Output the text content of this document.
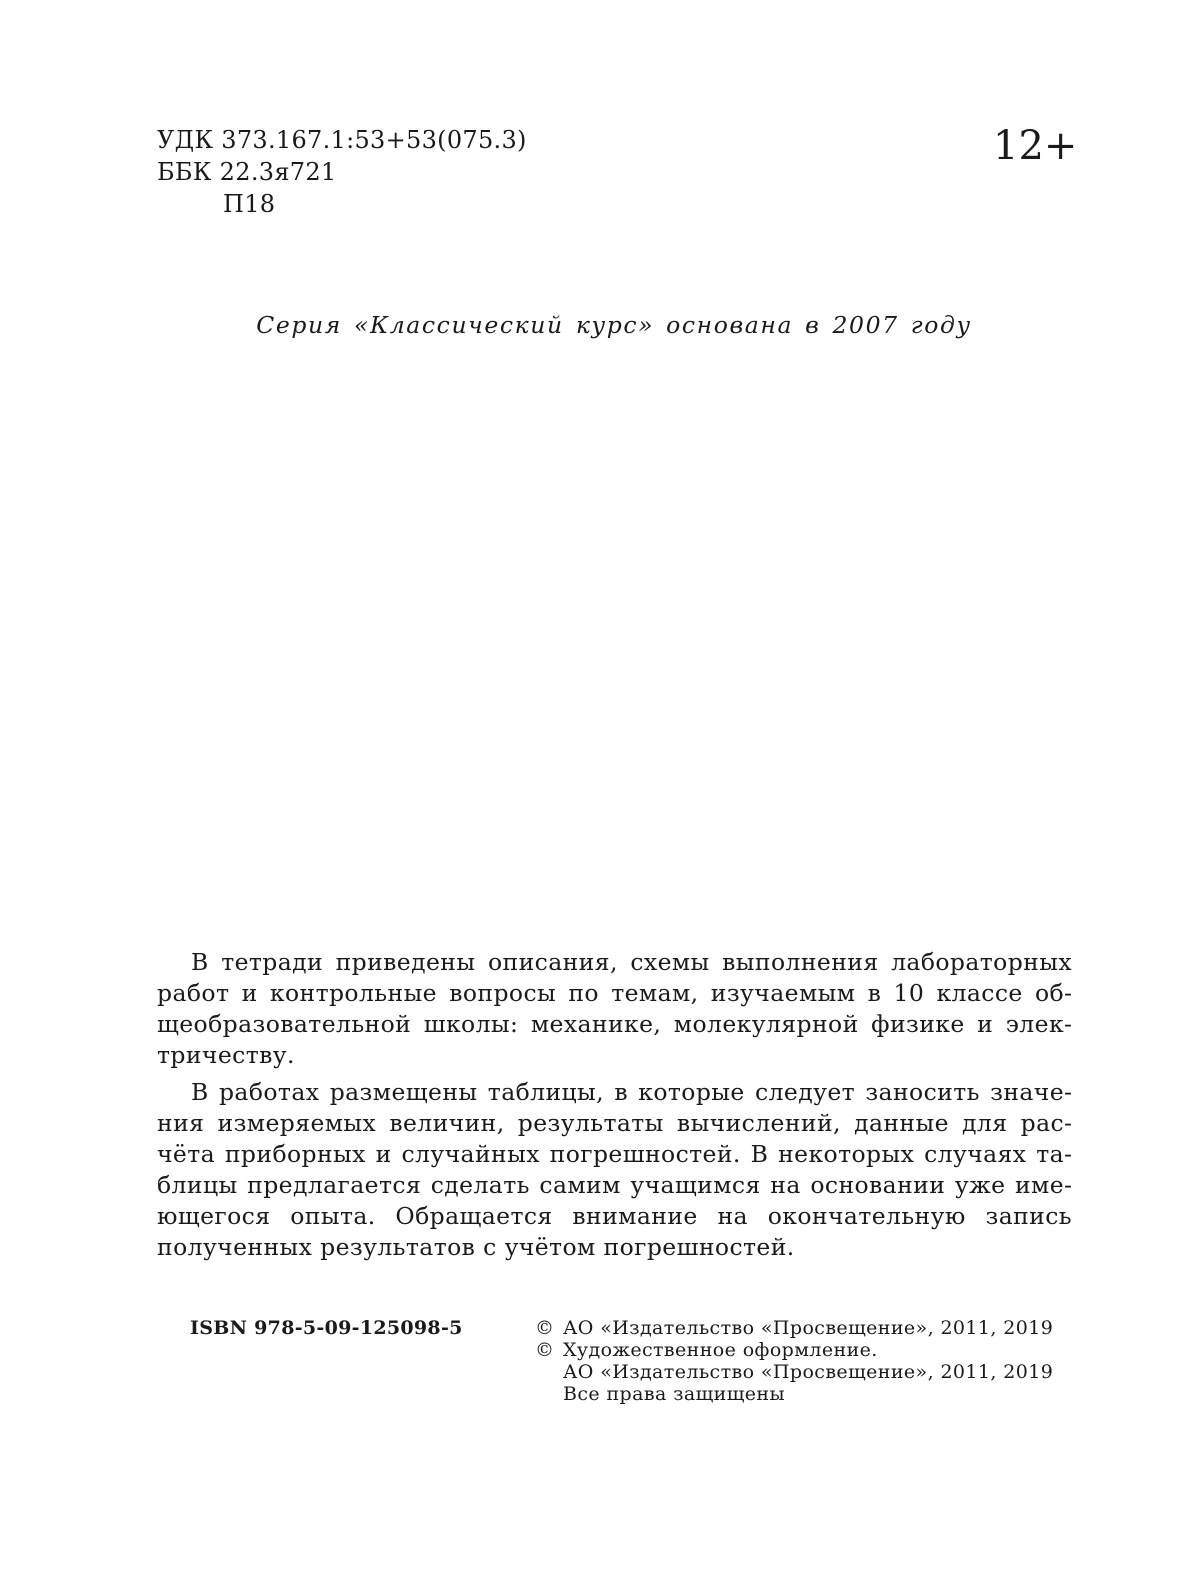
УДК 373.167.1:53+53(075.3)
ББК 22.3я721
П18
12+
Серия «Классический курс» основана в 2007 году

В тетради приведены описания, схемы выполнения лабораторных работ и контрольные вопросы по темам, изучаемым в 10 классе общеобразовательной школы: механике, молекулярной физике и электричеству.

В работах размещены таблицы, в которые следует заносить значения измеряемых величин, результаты вычислений, данные для расчёта приборных и случайных погрешностей. В некоторых случаях таблицы предлагается сделать самим учащимся на основании уже имеющегося опыта. Обращается внимание на окончательную запись полученных результатов с учётом погрешностей.

ISBN 978-5-09-125098-5	© АО «Издательство «Просвещение», 2011, 2019
© Художественное оформление.
АО «Издательство «Просвещение», 2011, 2019
Все права защищены
